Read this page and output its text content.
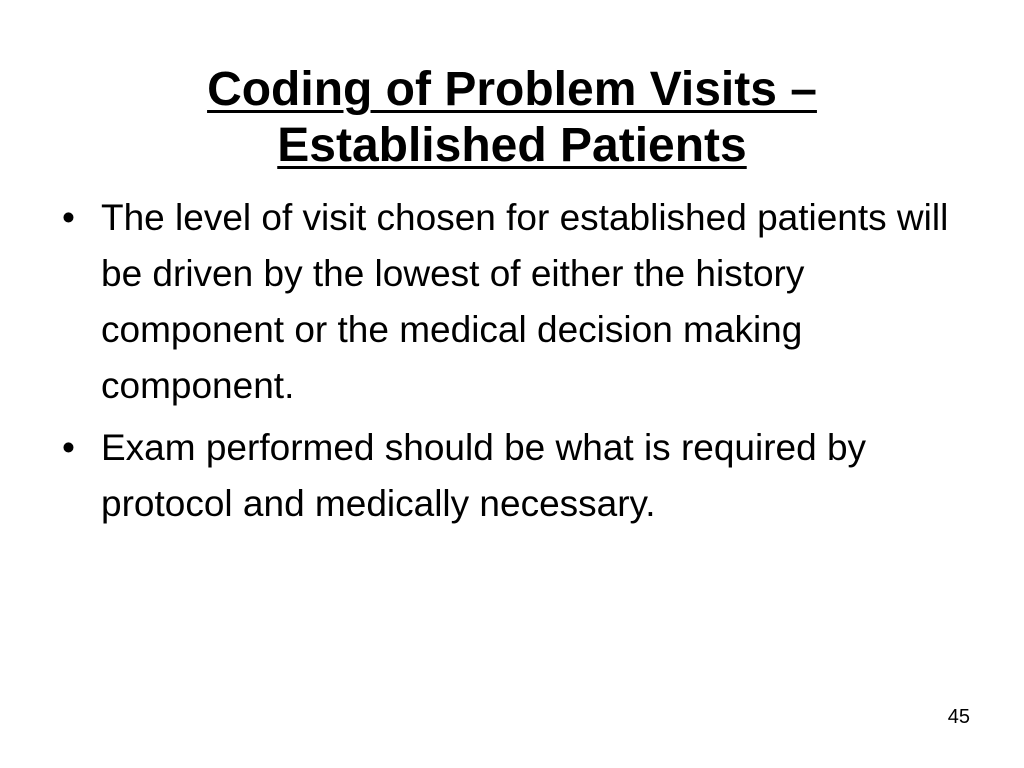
Coding of Problem Visits –
Established Patients
• The level of visit chosen for established patients will be driven by the lowest of either the history component or the medical decision making component.
• Exam performed should be what is required by protocol and medically necessary.
45
